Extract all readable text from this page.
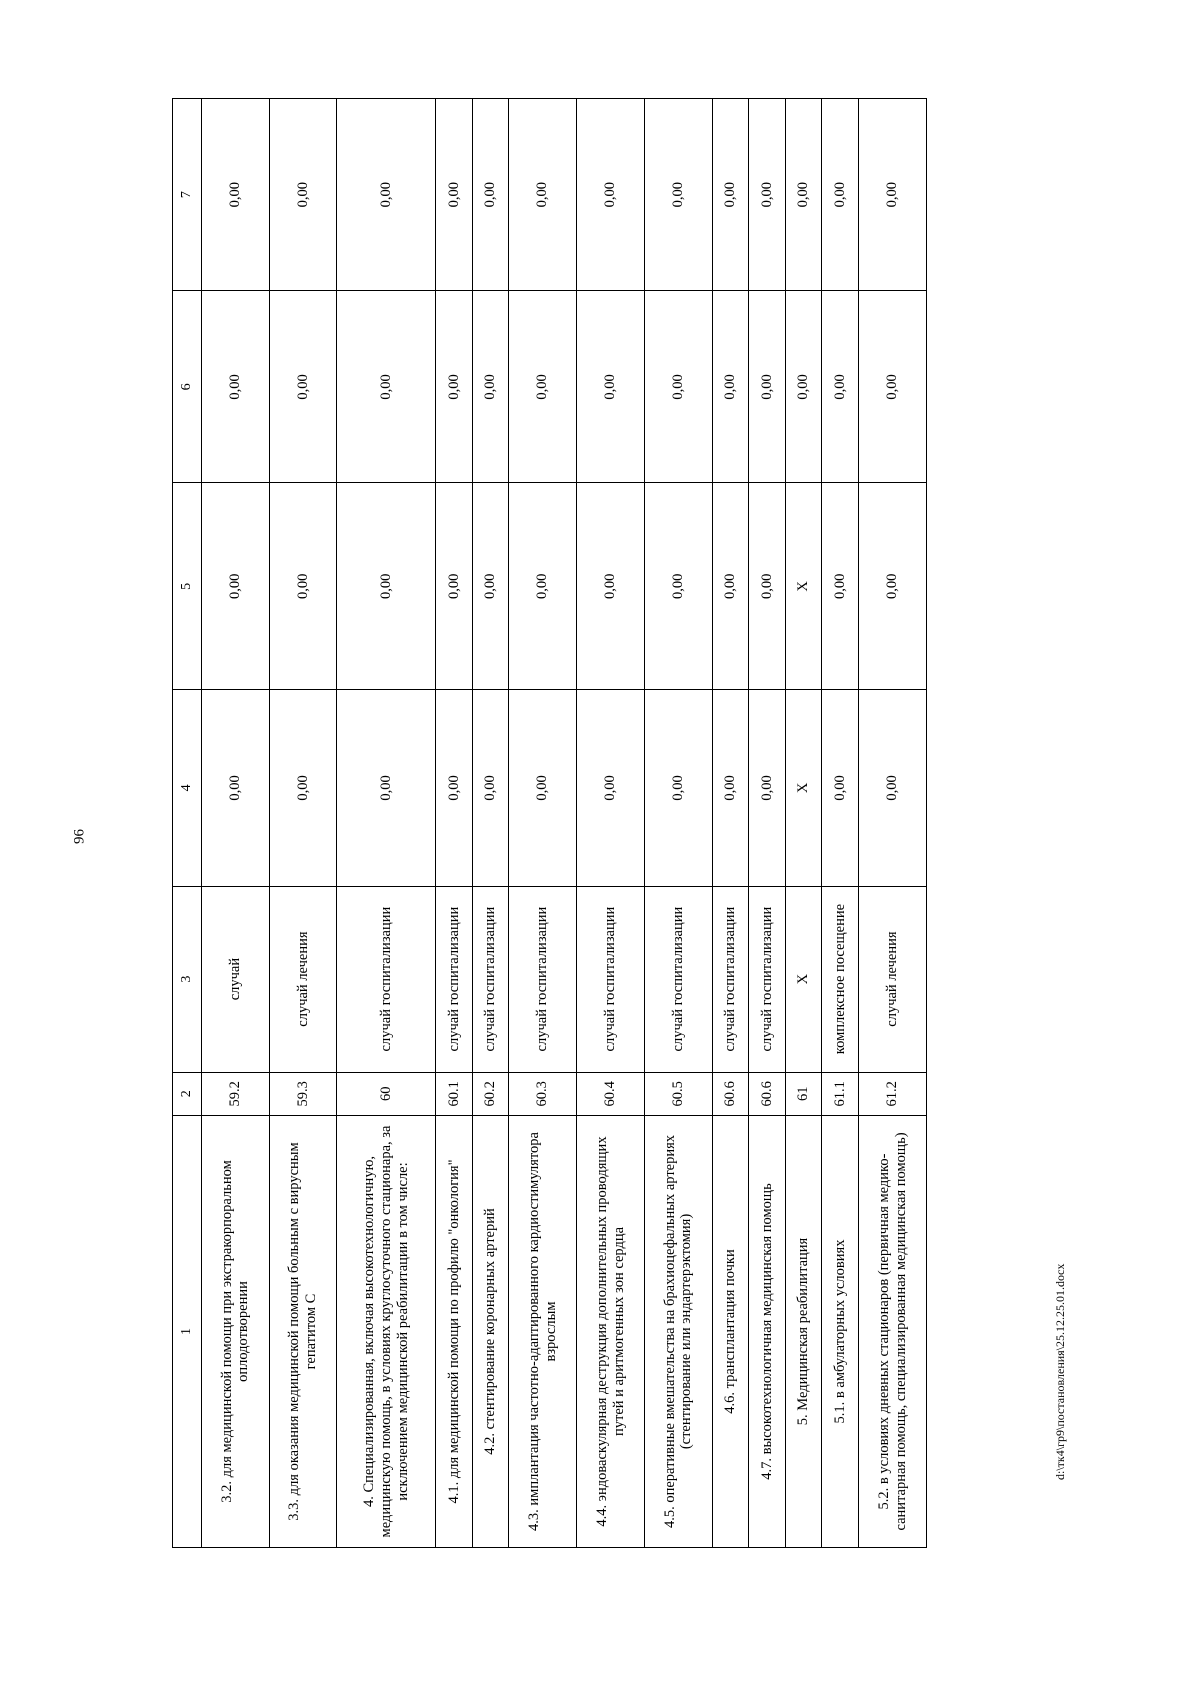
96
1	2	3	4	5	6	7
3.2. для медицинской помощи при экстракорпоральном оплодотворении	59.2	случай	0,00	0,00	0,00	0,00
3.3. для оказания медицинской помощи больным с вирусным гепатитом С	59.3	случай лечения	0,00	0,00	0,00	0,00
4. Специализированная, включая высокотехнологичную, медицинскую помощь, в условиях круглосуточного стационара, за исключением медицинской реабилитации в том числе:	60	случай госпитализации	0,00	0,00	0,00	0,00
4.1. для медицинской помощи по профилю "онкология"	60.1	случай госпитализации	0,00	0,00	0,00	0,00
4.2. стентирование коронарных артерий	60.2	случай госпитализации	0,00	0,00	0,00	0,00
4.3. имплантация частотно-адаптированного кардиостимулятора взрослым	60.3	случай госпитализации	0,00	0,00	0,00	0,00
4.4. эндоваскулярная деструкция дополнительных проводящих путей и аритмогенных зон сердца	60.4	случай госпитализации	0,00	0,00	0,00	0,00
4.5. оперативные вмешательства на брахиоцефальных артериях (стентирование или эндартерэктомия)	60.5	случай госпитализации	0,00	0,00	0,00	0,00
4.6. трансплантация почки	60.6	случай госпитализации	0,00	0,00	0,00	0,00
4.7. высокотехнологичная медицинская помощь	60.6	случай госпитализации	0,00	0,00	0,00	0,00
5. Медицинская реабилитация	61	Х	Х	Х	0,00	0,00
5.1. в амбулаторных условиях	61.1	комплексное посещение	0,00	0,00	0,00	0,00
5.2. в условиях дневных стационаров (первичная медико-санитарная помощь, специализированная медицинская помощь)	61.2	случай лечения	0,00	0,00	0,00	0,00
d:\тк4\гр9\постановления\25.12.25.01.docx
